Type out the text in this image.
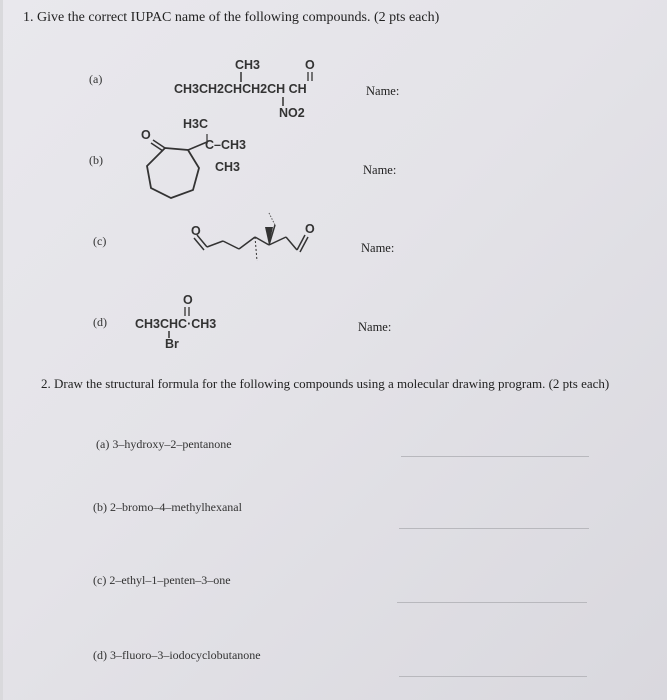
1. Give the correct IUPAC name of the following compounds. (2 pts each)
(a)
CH3	O
CH3CH2CHCH2CH CH
NO2
Name:
(b)
O
H3C
C–CH3
CH3	Name:
(c)
O	O
Name:
(d)
O
CH3CHC·CH3
Br
Name:
2. Draw the structural formula for the following compounds using a molecular drawing program. (2 pts each)
(a) 3–hydroxy–2–pentanone
(b) 2–bromo–4–methylhexanal
(c) 2–ethyl–1–penten–3–one
(d) 3–fluoro–3–iodocyclobutanone
